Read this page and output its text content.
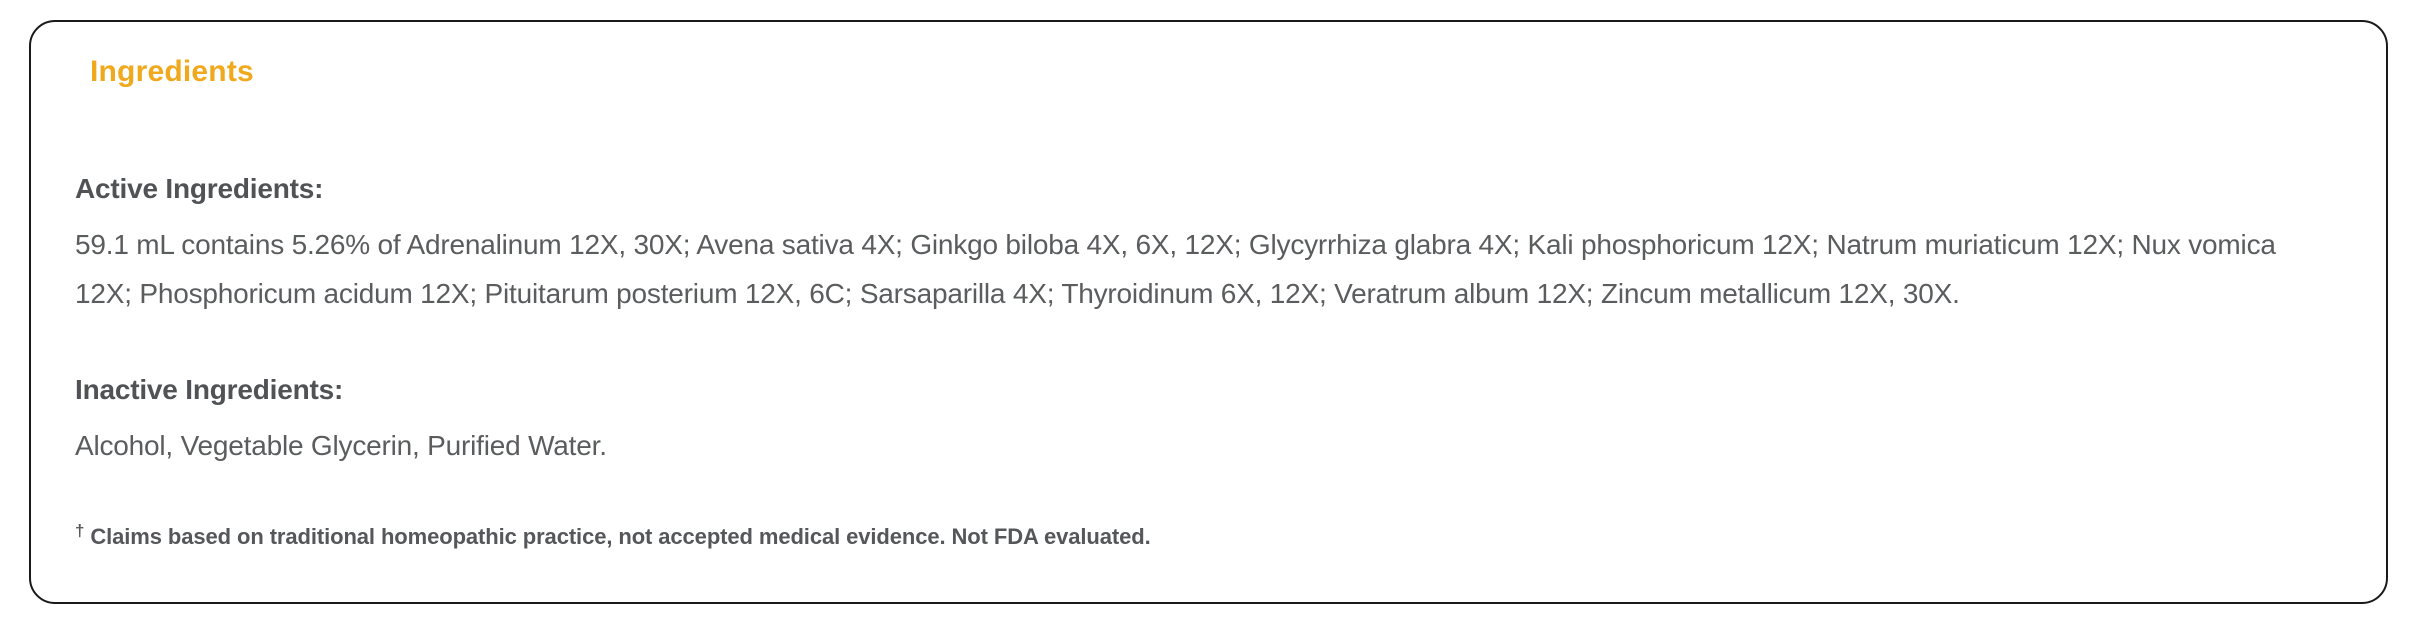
Ingredients
Active Ingredients:

59.1 mL contains 5.26% of Adrenalinum 12X, 30X; Avena sativa 4X; Ginkgo biloba 4X, 6X, 12X; Glycyrrhiza glabra 4X; Kali phosphoricum 12X; Natrum muriaticum 12X; Nux vomica 12X; Phosphoricum acidum 12X; Pituitarum posterium 12X, 6C; Sarsaparilla 4X; Thyroidinum 6X, 12X; Veratrum album 12X; Zincum metallicum 12X, 30X.

Inactive Ingredients:

Alcohol, Vegetable Glycerin, Purified Water.

† Claims based on traditional homeopathic practice, not accepted medical evidence. Not FDA evaluated.
